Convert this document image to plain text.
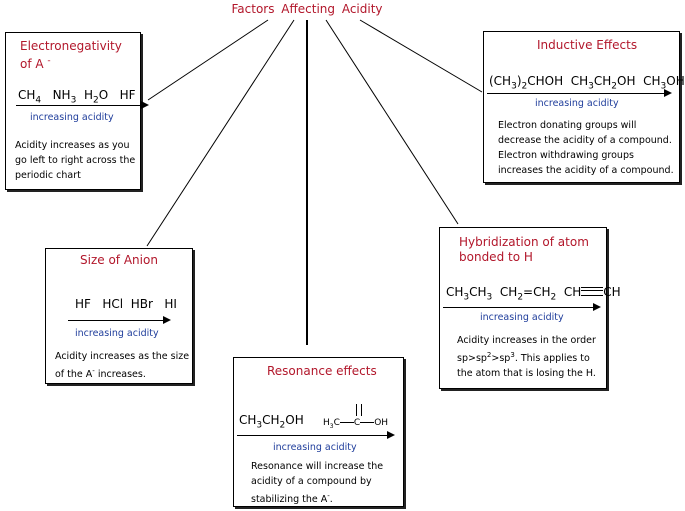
Factors Affecting Acidity
Electronegativity
of A -
$CH_4$   $NH_3$  $H_2O$   HF
increasing acidity
Acidity increases as you go left to right across the periodic chart
Inductive Effects
$(CH_3)_2CHOH$  $CH_3CH_2OH$  $CH_3OH$
increasing acidity
Electron donating groups will decrease the acidity of a compound. Electron withdrawing groups increases the acidity of a compound.
Size of Anion
HF   HCl  HBr   HI
increasing acidity
Acidity increases as the size of the A- increases.
Hybridization of atom
bonded to H
$CH_3CH_3$  $CH_2=CH_2$  CH CH
increasing acidity
Acidity increases in the order
$sp>sp^2>sp^3$. This applies to the atom that is losing the H.
Resonance effects
$CH_3CH_2OH$ $H_3C$ C OH
increasing acidity
Resonance will increase the acidity of a compound by stabilizing the A-.
